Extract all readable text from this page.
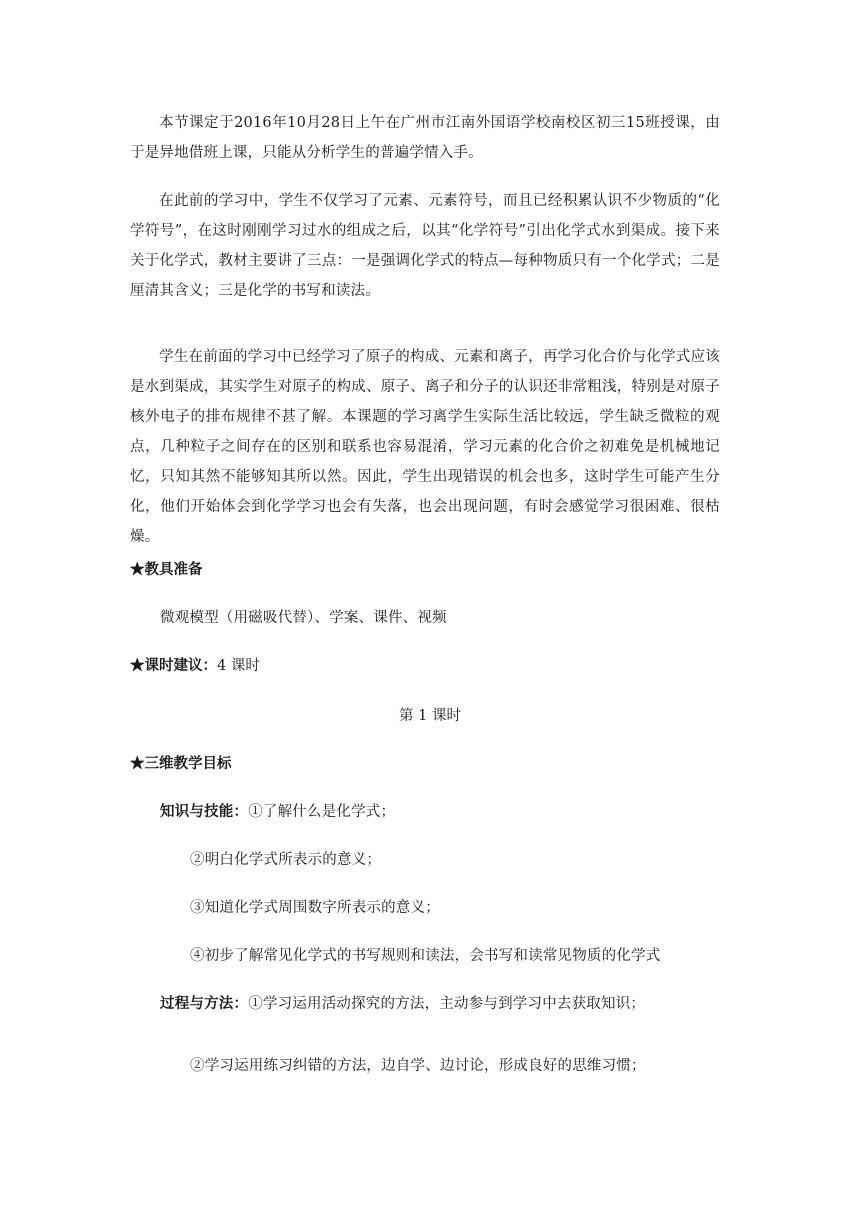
本节课定于2016年10月28日上午在广州市江南外国语学校南校区初三15班授课，由于是异地借班上课，只能从分析学生的普遍学情入手。

在此前的学习中，学生不仅学习了元素、元素符号，而且已经积累认识不少物质的“化学符号”，在这时刚刚学习过水的组成之后，以其“化学符号”引出化学式水到渠成。接下来关于化学式，教材主要讲了三点：一是强调化学式的特点—每种物质只有一个化学式；二是厘清其含义；三是化学的书写和读法。

学生在前面的学习中已经学习了原子的构成、元素和离子，再学习化合价与化学式应该是水到渠成，其实学生对原子的构成、原子、离子和分子的认识还非常粗浅，特别是对原子核外电子的排布规律不甚了解。本课题的学习离学生实际生活比较远，学生缺乏微粒的观点，几种粒子之间存在的区别和联系也容易混淆，学习元素的化合价之初难免是机械地记忆，只知其然不能够知其所以然。因此，学生出现错误的机会也多，这时学生可能产生分化，他们开始体会到化学学习也会有失落，也会出现问题，有时会感觉学习很困难、很枯燥。

★教具准备

微观模型（用磁吸代替）、学案、课件、视频

★课时建议：4 课时

第 1 课时

★三维教学目标

知识与技能：①了解什么是化学式；

②明白化学式所表示的意义；

③知道化学式周围数字所表示的意义；

④初步了解常见化学式的书写规则和读法，会书写和读常见物质的化学式

过程与方法：①学习运用活动探究的方法，主动参与到学习中去获取知识；

②学习运用练习纠错的方法，边自学、边讨论，形成良好的思维习惯；
